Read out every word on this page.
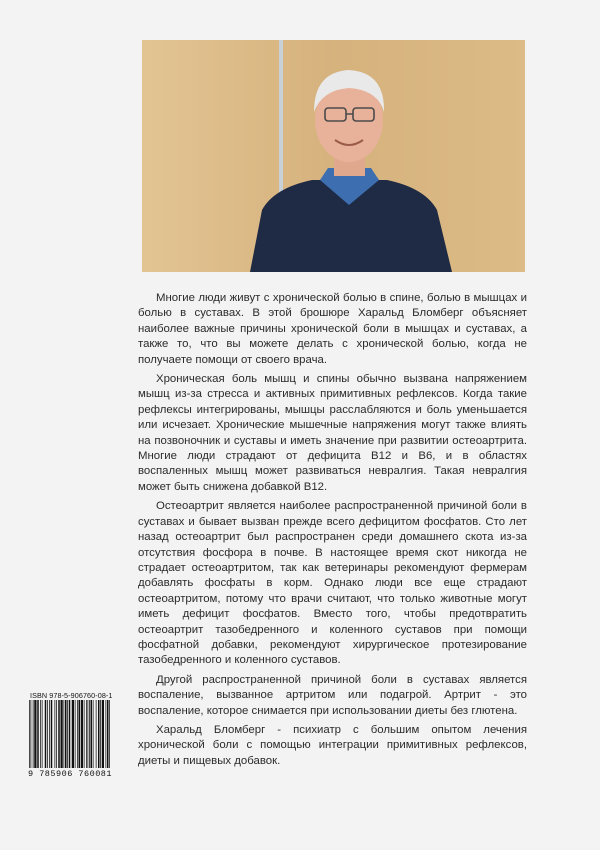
Многие люди живут с хронической болью в спине, болью в мышцах и болью в суставах. В этой брошюре Харальд Бломберг объясняет наиболее важные причины хронической боли в мышцах и суставах, а также то, что вы можете делать с хронической болью, когда не получаете помощи от своего врача.

Хроническая боль мышц и спины обычно вызвана напряжением мышц из-за стресса и активных примитивных рефлексов. Когда такие рефлексы интегрированы, мышцы расслабляются и боль уменьшается или исчезает. Хронические мышечные напряжения могут также влиять на позвоночник и суставы и иметь значение при развитии остеоартрита. Многие люди страдают от дефицита B12 и B6, и в областях воспаленных мышц может развиваться невралгия. Такая невралгия может быть снижена добавкой B12.

Остеоартрит является наиболее распространенной причиной боли в суставах и бывает вызван прежде всего дефицитом фосфатов. Сто лет назад остеоартрит был распространен среди домашнего скота из-за отсутствия фосфора в почве. В настоящее время скот никогда не страдает остеоартритом, так как ветеринары рекомендуют фермерам добавлять фосфаты в корм. Однако люди все еще страдают остеоартритом, потому что врачи считают, что только животные могут иметь дефицит фосфатов. Вместо того, чтобы предотвратить остеоартрит тазобедренного и коленного суставов при помощи фосфатной добавки, рекомендуют хирургическое протезирование тазобедренного и коленного суставов.

Другой распространенной причиной боли в суставах является воспаление, вызванное артритом или подагрой. Артрит - это воспаление, которое снимается при использовании диеты без глютена.

Харальд Бломберг - психиатр с большим опытом лечения хронической боли с помощью интеграции примитивных рефлексов, диеты и пищевых добавок.

ISBN 978-5-906760-08-1
9 785906 760081
